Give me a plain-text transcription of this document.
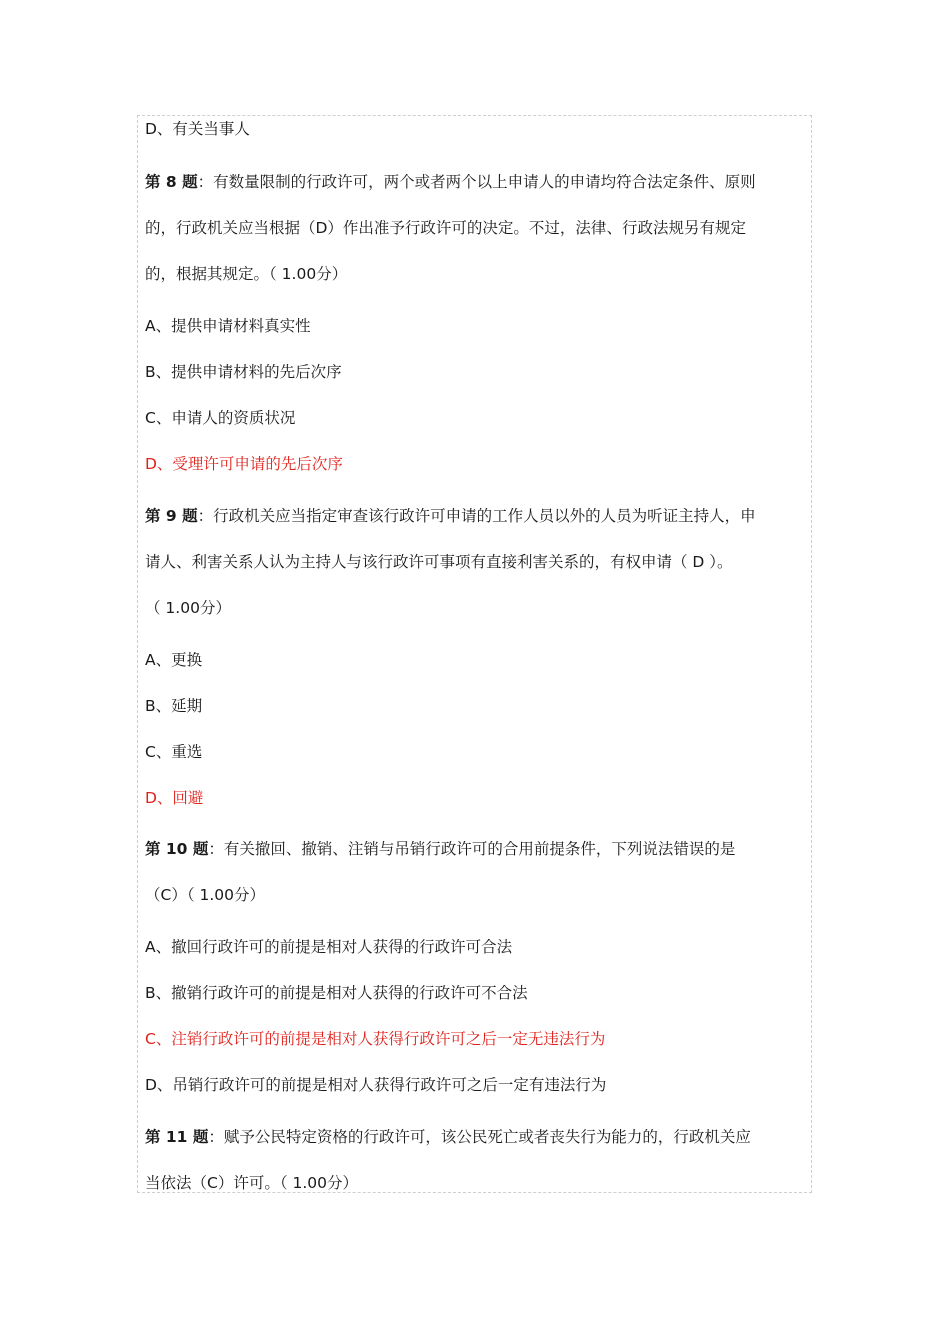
D、有关当事人
第 8 题：有数量限制的行政许可，两个或者两个以上申请人的申请均符合法定条件、原则
的，行政机关应当根据（D）作出准予行政许可的决定。不过，法律、行政法规另有规定
的，根据其规定。（ 1.00分）
A、提供申请材料真实性
B、提供申请材料的先后次序
C、申请人的资质状况
D、受理许可申请的先后次序
第 9 题：行政机关应当指定审查该行政许可申请的工作人员以外的人员为听证主持人，申
请人、利害关系人认为主持人与该行政许可事项有直接利害关系的，有权申请（ D ）。
（ 1.00分）
A、更换
B、延期
C、重选
D、回避
第 10 题：有关撤回、撤销、注销与吊销行政许可的合用前提条件，下列说法错误的是
（C）（ 1.00分）
A、撤回行政许可的前提是相对人获得的行政许可合法
B、撤销行政许可的前提是相对人获得的行政许可不合法
C、注销行政许可的前提是相对人获得行政许可之后一定无违法行为
D、吊销行政许可的前提是相对人获得行政许可之后一定有违法行为
第 11 题：赋予公民特定资格的行政许可，该公民死亡或者丧失行为能力的，行政机关应
当依法（C）许可。（ 1.00分）
